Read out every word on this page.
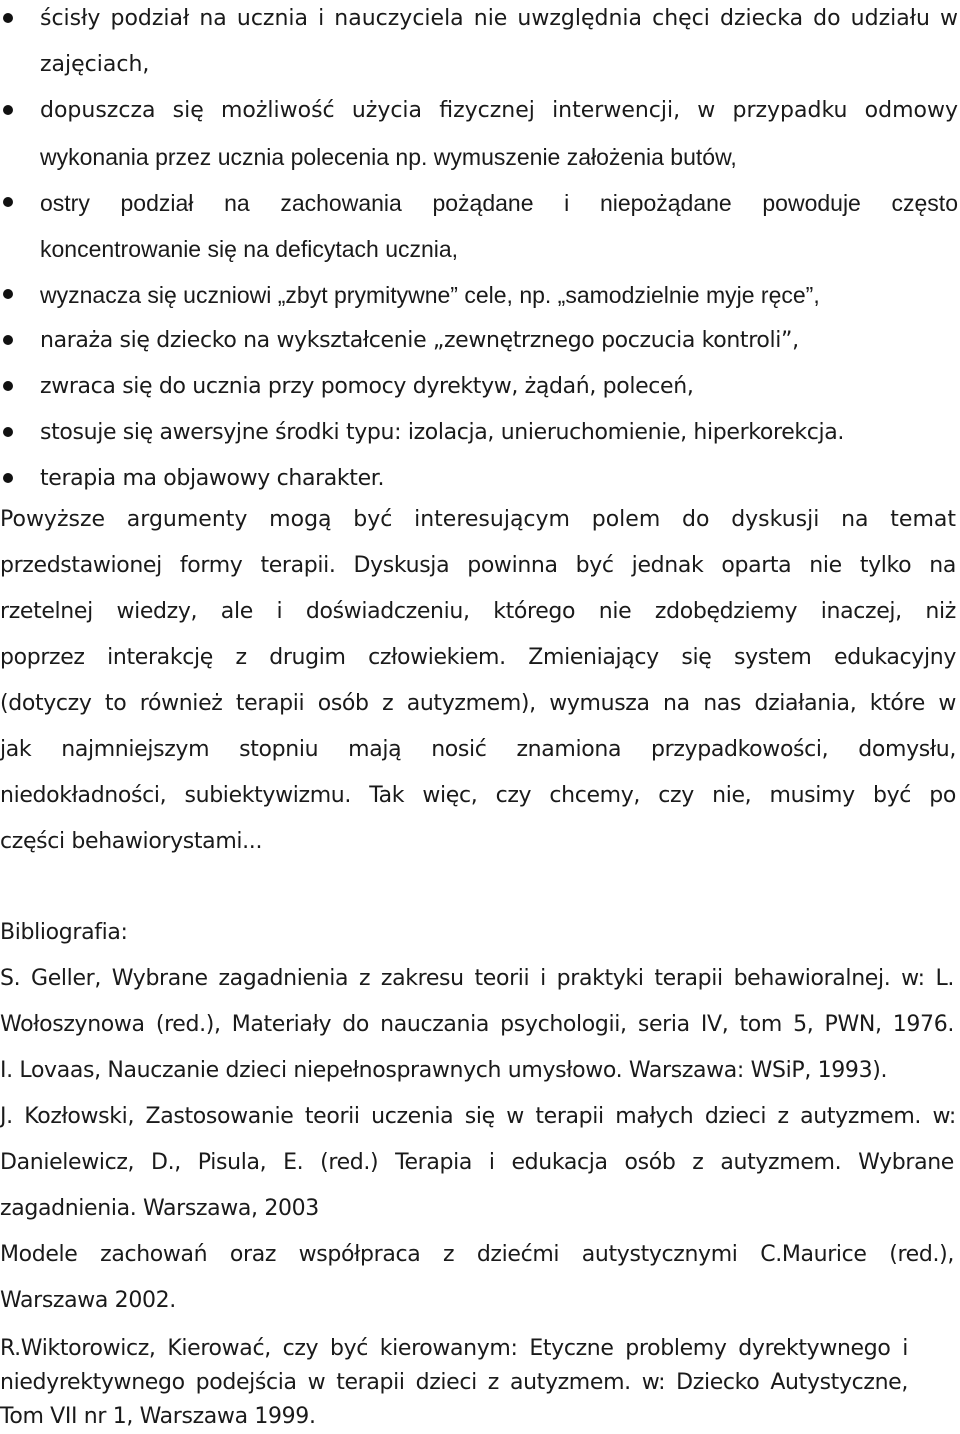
ścisły podział na ucznia i nauczyciela nie uwzględnia chęci dziecka do udziału w
zajęciach,
dopuszcza się możliwość użycia fizycznej interwencji, w przypadku odmowy
wykonania przez ucznia polecenia np. wymuszenie założenia butów,
ostry podział na zachowania pożądane i niepożądane powoduje często
koncentrowanie się na deficytach ucznia,
wyznacza się uczniowi „zbyt prymitywne” cele, np. „samodzielnie myje ręce”,
naraża się dziecko na wykształcenie „zewnętrznego poczucia kontroli”,
zwraca się do ucznia przy pomocy dyrektyw, żądań, poleceń,
stosuje się awersyjne środki typu: izolacja, unieruchomienie, hiperkorekcja.
terapia ma objawowy charakter.
Powyższe argumenty mogą być interesującym polem do dyskusji na temat
przedstawionej formy terapii. Dyskusja powinna być jednak oparta nie tylko na
rzetelnej wiedzy, ale i doświadczeniu, którego nie zdobędziemy inaczej, niż
poprzez interakcję z drugim człowiekiem. Zmieniający się system edukacyjny
(dotyczy to również terapii osób z autyzmem), wymusza na nas działania, które w
jak najmniejszym stopniu mają nosić znamiona przypadkowości, domysłu,
niedokładności, subiektywizmu. Tak więc, czy chcemy, czy nie, musimy być po
części behawiorystami...
Bibliografia:
S. Geller, Wybrane zagadnienia z zakresu teorii i praktyki terapii behawioralnej. w: L.
Wołoszynowa (red.), Materiały do nauczania psychologii, seria IV, tom 5, PWN, 1976.
I. Lovaas, Nauczanie dzieci niepełnosprawnych umysłowo. Warszawa: WSiP, 1993).
J. Kozłowski, Zastosowanie teorii uczenia się w terapii małych dzieci z autyzmem. w:
Danielewicz, D., Pisula, E. (red.) Terapia i edukacja osób z autyzmem. Wybrane
zagadnienia. Warszawa, 2003
Modele zachowań oraz współpraca z dziećmi autystycznymi C.Maurice (red.),
Warszawa 2002.
R.Wiktorowicz, Kierować, czy być kierowanym: Etyczne problemy dyrektywnego i
niedyrektywnego podejścia w terapii dzieci z autyzmem. w: Dziecko Autystyczne,
Tom VII nr 1, Warszawa 1999.
